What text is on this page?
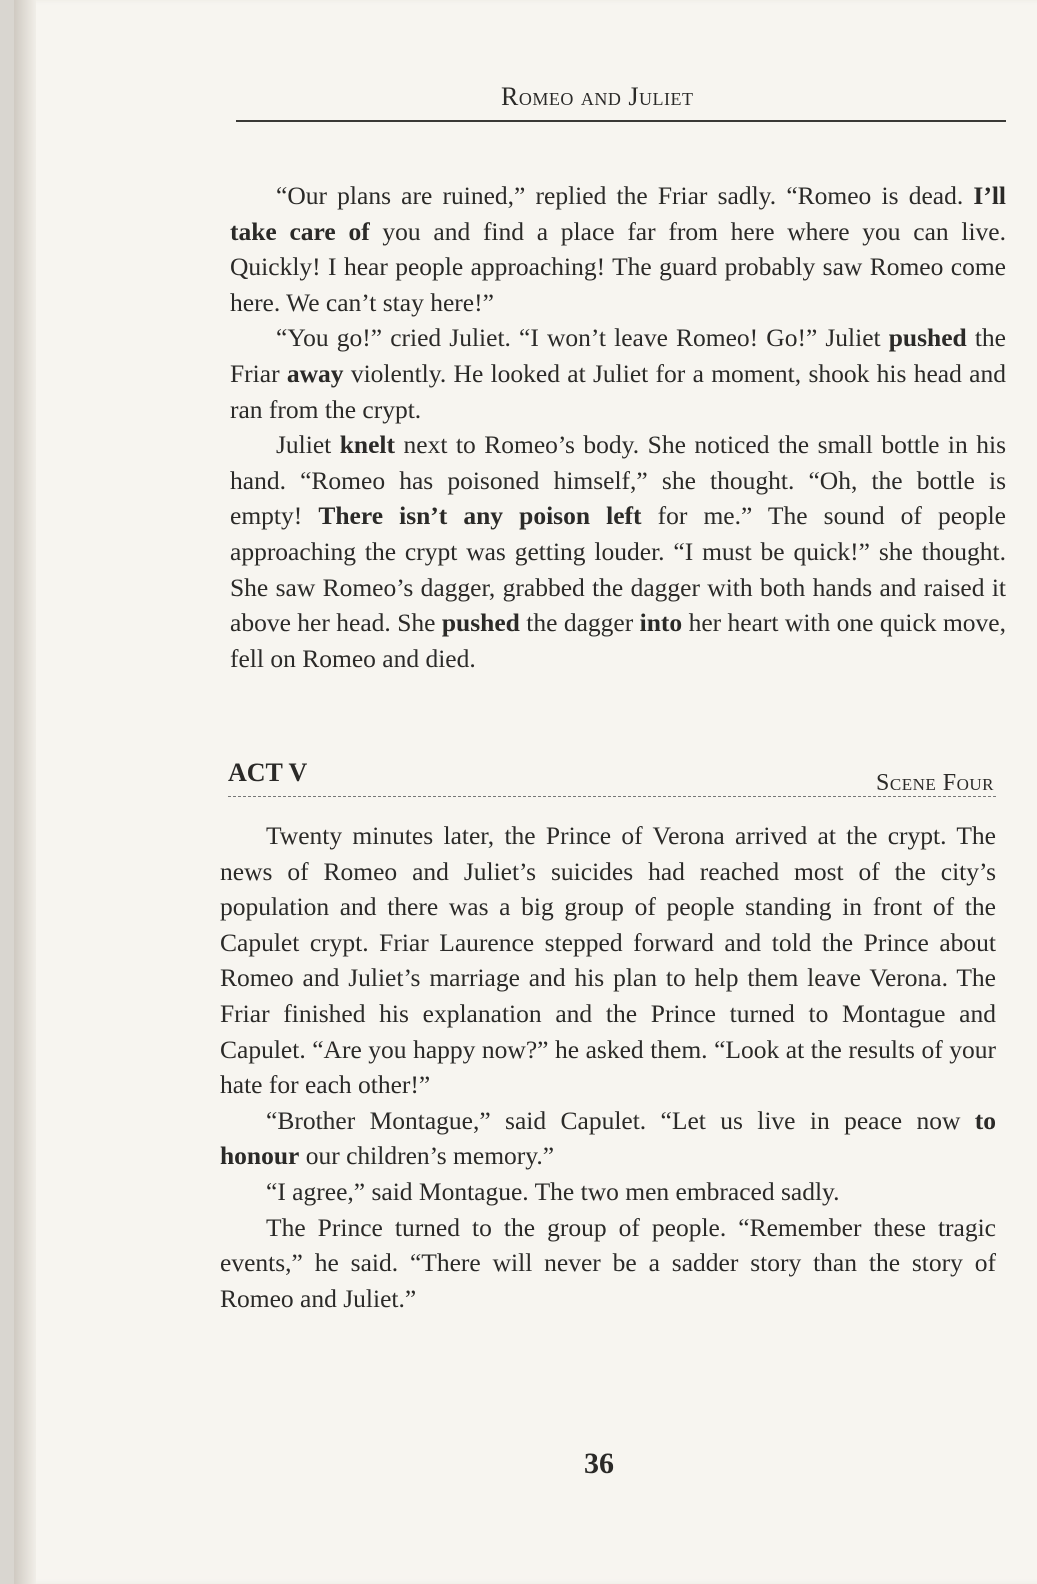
Romeo and Juliet

“Our plans are ruined,” replied the Friar sadly. “Romeo is dead. I’ll take care of you and find a place far from here where you can live. Quickly! I hear people approaching! The guard probably saw Romeo come here. We can’t stay here!”

“You go!” cried Juliet. “I won’t leave Romeo! Go!” Juliet pushed the Friar away violently. He looked at Juliet for a moment, shook his head and ran from the crypt.

Juliet knelt next to Romeo’s body. She noticed the small bottle in his hand. “Romeo has poisoned himself,” she thought. “Oh, the bottle is empty! There isn’t any poison left for me.” The sound of people approaching the crypt was getting louder. “I must be quick!” she thought. She saw Romeo’s dagger, grabbed the dagger with both hands and raised it above her head. She pushed the dagger into her heart with one quick move, fell on Romeo and died.

ACT V	Scene Four

Twenty minutes later, the Prince of Verona arrived at the crypt. The news of Romeo and Juliet’s suicides had reached most of the city’s population and there was a big group of people standing in front of the Capulet crypt. Friar Laurence stepped forward and told the Prince about Romeo and Juliet’s marriage and his plan to help them leave Verona. The Friar finished his explanation and the Prince turned to Montague and Capulet. “Are you happy now?” he asked them. “Look at the results of your hate for each other!”

“Brother Montague,” said Capulet. “Let us live in peace now to honour our children’s memory.”

“I agree,” said Montague. The two men embraced sadly.

The Prince turned to the group of people. “Remember these tragic events,” he said. “There will never be a sadder story than the story of Romeo and Juliet.”

36
